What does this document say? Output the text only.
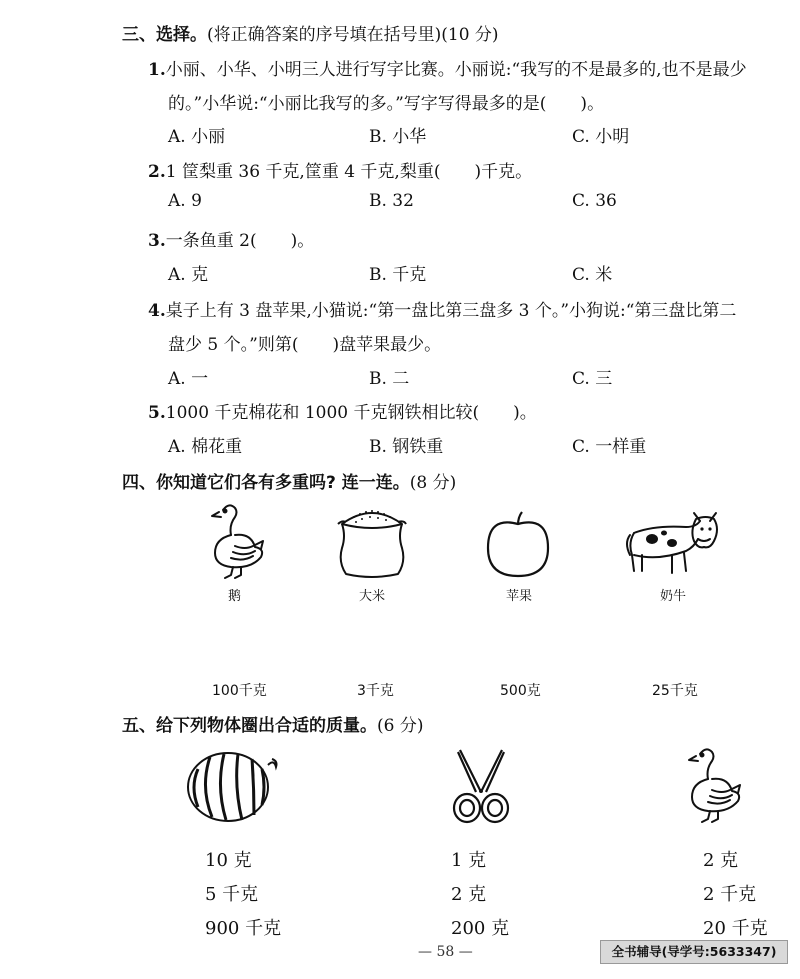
三、选择。(将正确答案的序号填在括号里)(10 分)
1.小丽、小华、小明三人进行写字比赛。小丽说:“我写的不是最多的,也不是最少
的。”小华说:“小丽比我写的多。”写字写得最多的是(　　)。
A. 小丽	B. 小华	C. 小明
2.1 筐梨重 36 千克,筐重 4 千克,梨重(　　)千克。
A. 9	B. 32	C. 36
3.一条鱼重 2(　　)。
A. 克	B. 千克	C. 米
4.桌子上有 3 盘苹果,小猫说:“第一盘比第三盘多 3 个。”小狗说:“第三盘比第二
盘少 5 个。”则第(　　)盘苹果最少。
A. 一	B. 二	C. 三
5.1000 千克棉花和 1000 千克钢铁相比较(　　)。
A. 棉花重	B. 钢铁重	C. 一样重
四、你知道它们各有多重吗? 连一连。(8 分)
鹅	大米	苹果	奶牛
100千克	3千克	500克	25千克
五、给下列物体圈出合适的质量。(6 分)
10 克
5 千克
900 千克
1 克
2 克
200 克
2 克
2 千克
20 千克
— 58 —	全书辅导(导学号:5633347)
